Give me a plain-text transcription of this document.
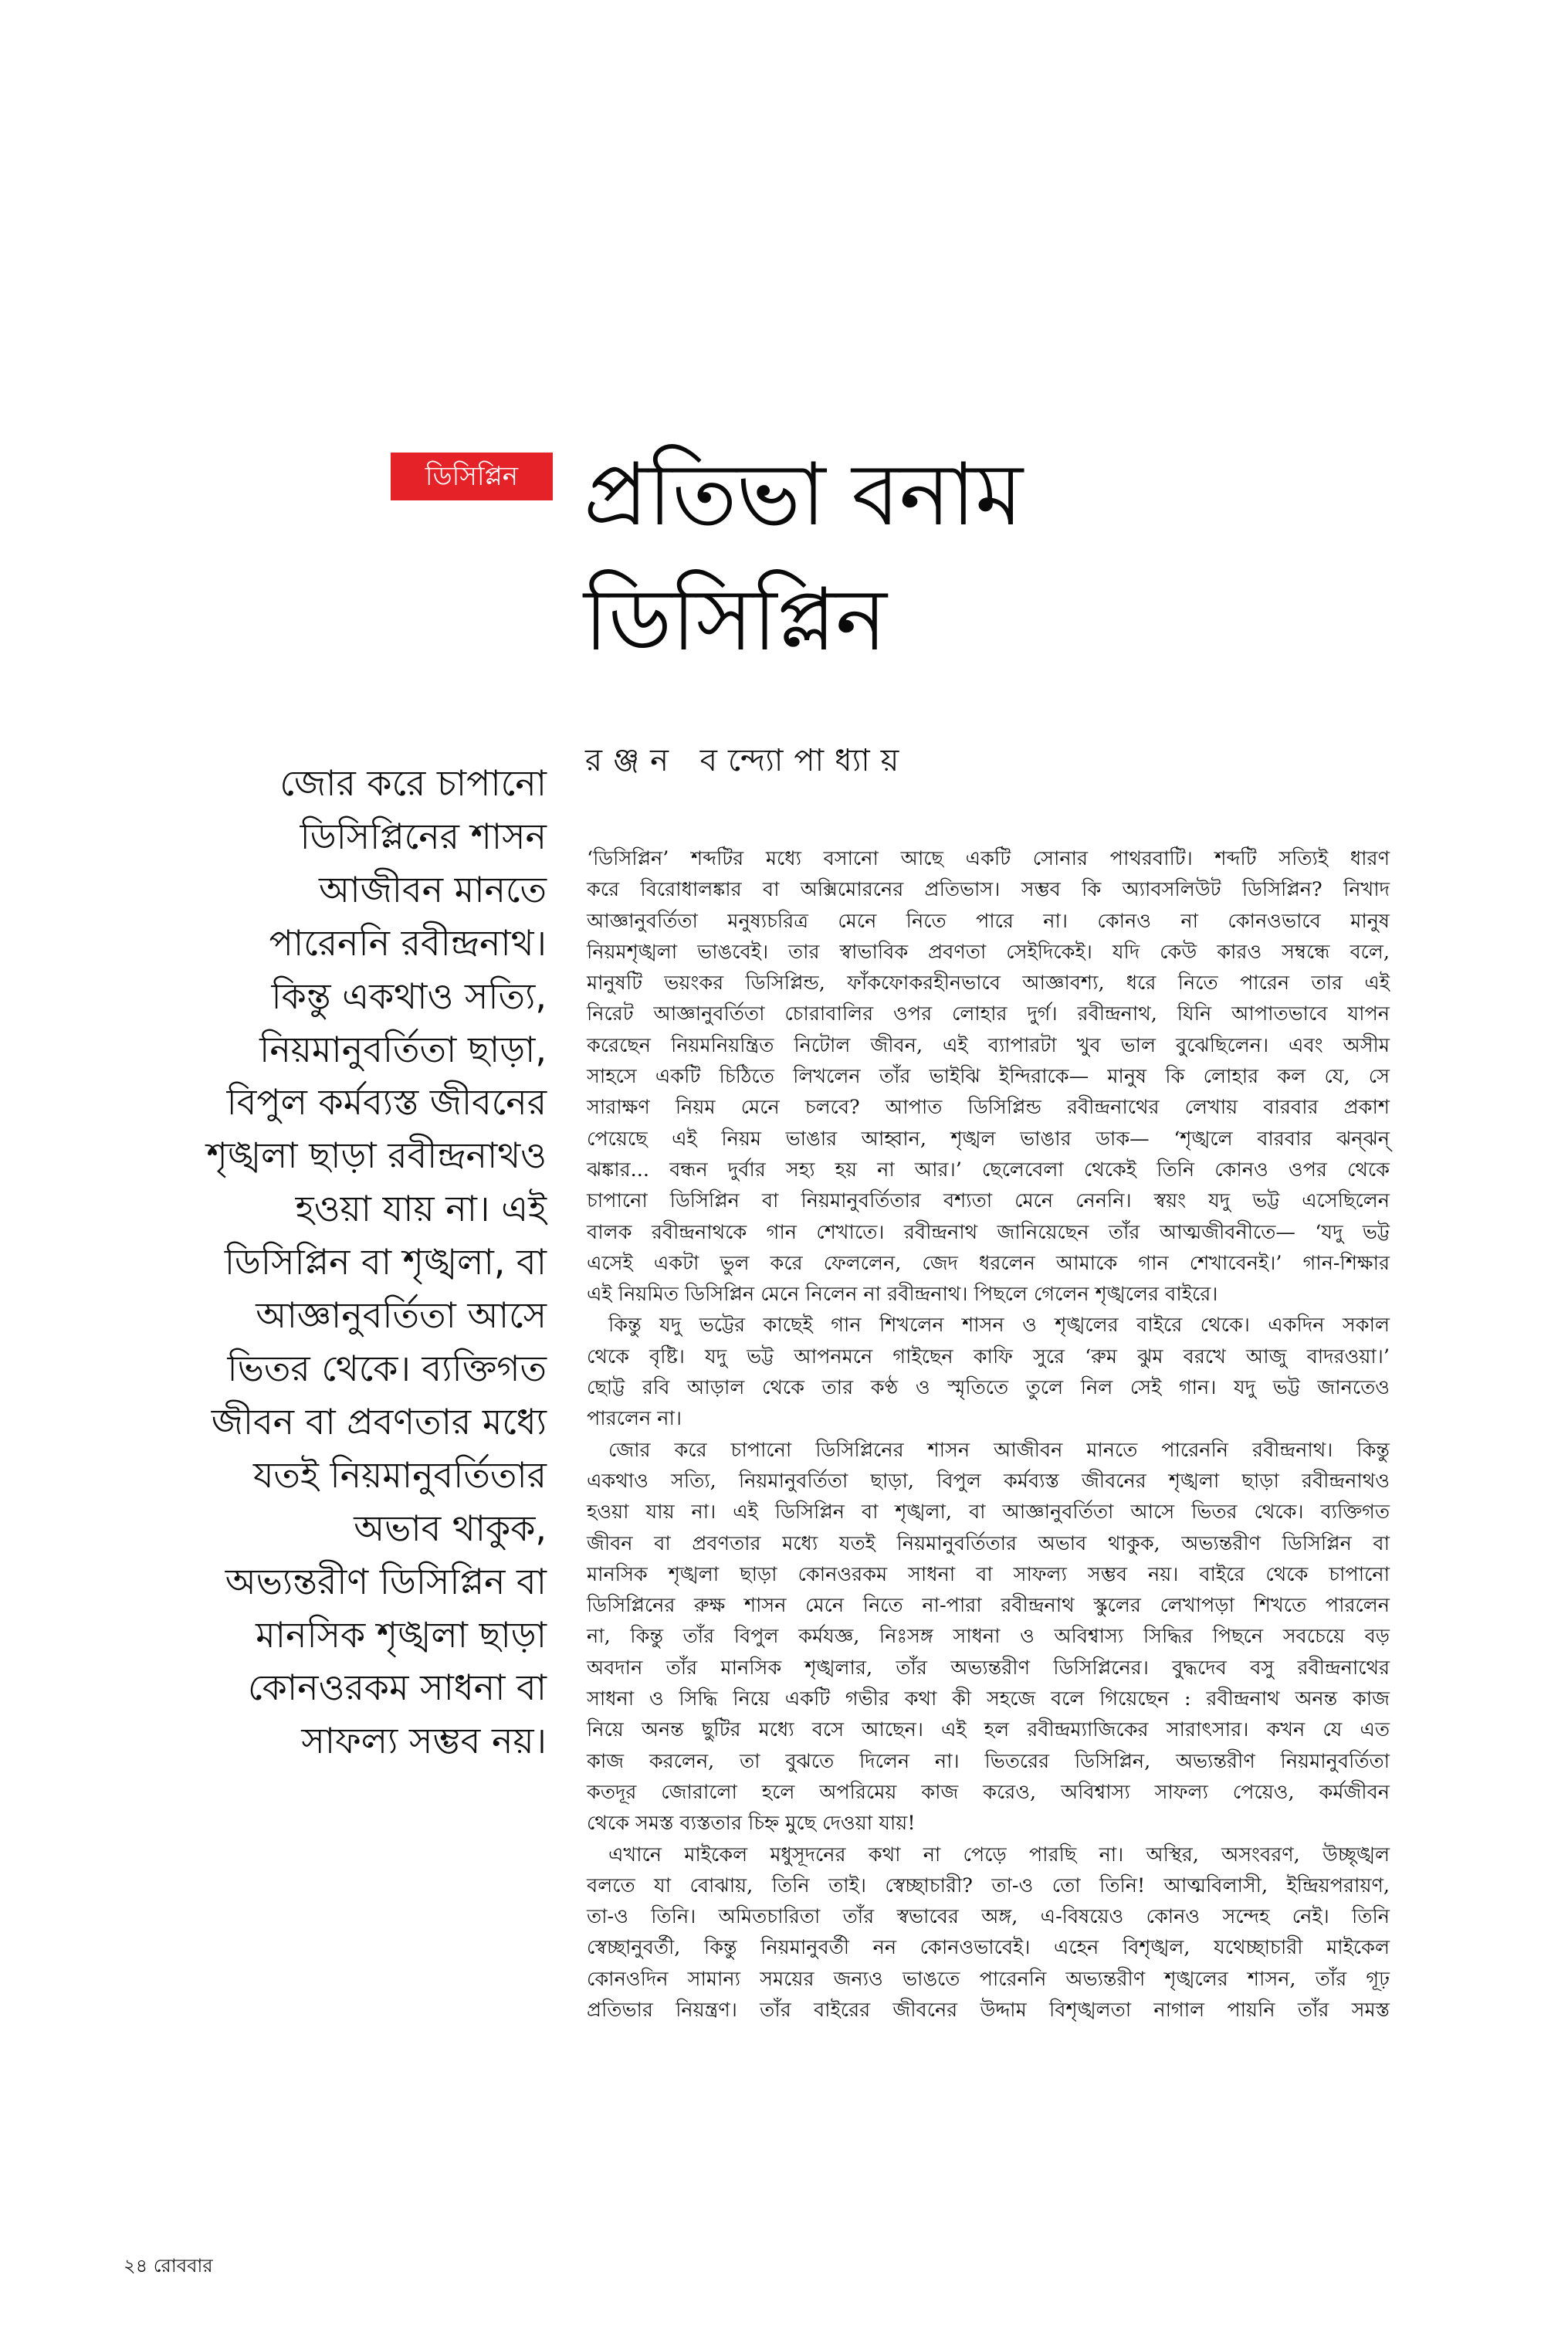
ডিসিপ্লিন প্রতিভা বনাম
ডিসিপ্লিন
রঞ্জন বন্দ্যোপাধ্যায়
জোর করে চাপানো
ডিসিপ্লিনের শাসন
আজীবন মানতে
পারেননি রবীন্দ্রনাথ।
কিন্তু একথাও সত্যি,
নিয়মানুবর্তিতা ছাড়া,
বিপুল কর্মব্যস্ত জীবনের
শৃঙ্খলা ছাড়া রবীন্দ্রনাথও
হওয়া যায় না। এই
ডিসিপ্লিন বা শৃঙ্খলা, বা
আজ্ঞানুবর্তিতা আসে
ভিতর থেকে। ব্যক্তিগত
জীবন বা প্রবণতার মধ্যে
যতই নিয়মানুবর্তিতার
অভাব থাকুক,
অভ্যন্তরীণ ডিসিপ্লিন বা
মানসিক শৃঙ্খলা ছাড়া
কোনওরকম সাধনা বা
সাফল্য সম্ভব নয়।
‘ডিসিপ্লিন’ শব্দটির মধ্যে বসানো আছে একটি সোনার পাথরবাটি। শব্দটি সত্যিই ধারণ
করে বিরোধালঙ্কার বা অক্সিমোরনের প্রতিভাস। সম্ভব কি অ্যাবসলিউট ডিসিপ্লিন? নিখাদ
আজ্ঞানুবর্তিতা মনুষ্যচরিত্র মেনে নিতে পারে না। কোনও না কোনওভাবে মানুষ
নিয়মশৃঙ্খলা ভাঙবেই। তার স্বাভাবিক প্রবণতা সেইদিকেই। যদি কেউ কারও সম্বন্ধে বলে,
মানুষটি ভয়ংকর ডিসিপ্লিন্ড, ফাঁকফোকরহীনভাবে আজ্ঞাবশ্য, ধরে নিতে পারেন তার এই
নিরেট আজ্ঞানুবর্তিতা চোরাবালির ওপর লোহার দুর্গ। রবীন্দ্রনাথ, যিনি আপাতভাবে যাপন
করেছেন নিয়মনিয়ন্ত্রিত নিটোল জীবন, এই ব্যাপারটা খুব ভাল বুঝেছিলেন। এবং অসীম
সাহসে একটি চিঠিতে লিখলেন তাঁর ভাইঝি ইন্দিরাকে— মানুষ কি লোহার কল যে, সে
সারাক্ষণ নিয়ম মেনে চলবে? আপাত ডিসিপ্লিন্ড রবীন্দ্রনাথের লেখায় বারবার প্রকাশ
পেয়েছে এই নিয়ম ভাঙার আহ্বান, শৃঙ্খল ভাঙার ডাক— ‘শৃঙ্খলে বারবার ঝন্‌ঝন্‌
ঝঙ্কার... বন্ধন দুর্বার সহ্য হয় না আর।’ ছেলেবেলা থেকেই তিনি কোনও ওপর থেকে
চাপানো ডিসিপ্লিন বা নিয়মানুবর্তিতার বশ্যতা মেনে নেননি। স্বয়ং যদু ভট্ট এসেছিলেন
বালক রবীন্দ্রনাথকে গান শেখাতে। রবীন্দ্রনাথ জানিয়েছেন তাঁর আত্মজীবনীতে— ‘যদু ভট্ট
এসেই একটা ভুল করে ফেললেন, জেদ ধরলেন আমাকে গান শেখাবেনই।’ গান-শিক্ষার
এই নিয়মিত ডিসিপ্লিন মেনে নিলেন না রবীন্দ্রনাথ। পিছলে গেলেন শৃঙ্খলের বাইরে।
কিন্তু যদু ভট্টের কাছেই গান শিখলেন শাসন ও শৃঙ্খলের বাইরে থেকে। একদিন সকাল
থেকে বৃষ্টি। যদু ভট্ট আপনমনে গাইছেন কাফি সুরে ‘রুম ঝুম বরখে আজু বাদরওয়া।’
ছোট্ট রবি আড়াল থেকে তার কণ্ঠ ও স্মৃতিতে তুলে নিল সেই গান। যদু ভট্ট জানতেও
পারলেন না।
জোর করে চাপানো ডিসিপ্লিনের শাসন আজীবন মানতে পারেননি রবীন্দ্রনাথ। কিন্তু
একথাও সত্যি, নিয়মানুবর্তিতা ছাড়া, বিপুল কর্মব্যস্ত জীবনের শৃঙ্খলা ছাড়া রবীন্দ্রনাথও
হওয়া যায় না। এই ডিসিপ্লিন বা শৃঙ্খলা, বা আজ্ঞানুবর্তিতা আসে ভিতর থেকে। ব্যক্তিগত
জীবন বা প্রবণতার মধ্যে যতই নিয়মানুবর্তিতার অভাব থাকুক, অভ্যন্তরীণ ডিসিপ্লিন বা
মানসিক শৃঙ্খলা ছাড়া কোনওরকম সাধনা বা সাফল্য সম্ভব নয়। বাইরে থেকে চাপানো
ডিসিপ্লিনের রুক্ষ শাসন মেনে নিতে না-পারা রবীন্দ্রনাথ স্কুলের লেখাপড়া শিখতে পারলেন
না, কিন্তু তাঁর বিপুল কর্মযজ্ঞ, নিঃসঙ্গ সাধনা ও অবিশ্বাস্য সিদ্ধির পিছনে সবচেয়ে বড়
অবদান তাঁর মানসিক শৃঙ্খলার, তাঁর অভ্যন্তরীণ ডিসিপ্লিনের। বুদ্ধদেব বসু রবীন্দ্রনাথের
সাধনা ও সিদ্ধি নিয়ে একটি গভীর কথা কী সহজে বলে গিয়েছেন : রবীন্দ্রনাথ অনন্ত কাজ
নিয়ে অনন্ত ছুটির মধ্যে বসে আছেন। এই হল রবীন্দ্রম্যাজিকের সারাৎসার। কখন যে এত
কাজ করলেন, তা বুঝতে দিলেন না। ভিতরের ডিসিপ্লিন, অভ্যন্তরীণ নিয়মানুবর্তিতা
কতদূর জোরালো হলে অপরিমেয় কাজ করেও, অবিশ্বাস্য সাফল্য পেয়েও, কর্মজীবন
থেকে সমস্ত ব্যস্ততার চিহ্ন মুছে দেওয়া যায়!
এখানে মাইকেল মধুসূদনের কথা না পেড়ে পারছি না। অস্থির, অসংবরণ, উচ্ছৃঙ্খল
বলতে যা বোঝায়, তিনি তাই। স্বেচ্ছাচারী? তা-ও তো তিনি! আত্মবিলাসী, ইন্দ্রিয়পরায়ণ,
তা-ও তিনি। অমিতচারিতা তাঁর স্বভাবের অঙ্গ, এ-বিষয়েও কোনও সন্দেহ নেই। তিনি
স্বেচ্ছানুবর্তী, কিন্তু নিয়মানুবর্তী নন কোনওভাবেই। এহেন বিশৃঙ্খল, যথেচ্ছাচারী মাইকেল
কোনওদিন সামান্য সময়ের জন্যও ভাঙতে পারেননি অভ্যন্তরীণ শৃঙ্খলের শাসন, তাঁর গূঢ়
প্রতিভার নিয়ন্ত্রণ। তাঁর বাইরের জীবনের উদ্দাম বিশৃঙ্খলতা নাগাল পায়নি তাঁর সমস্ত
২৪ রোববার
